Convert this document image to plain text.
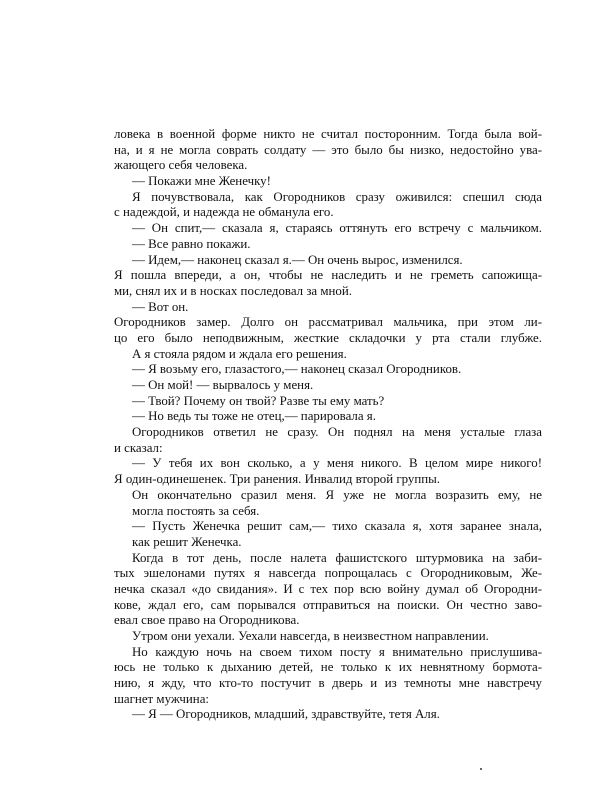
ловека в военной форме никто не считал посторонним. Тогда была вой-
на, и я не могла соврать солдату — это было бы низко, недостойно ува-
жающего себя человека.
— Покажи мне Женечку!
Я почувствовала, как Огородников сразу оживился: спешил сюда
с надеждой, и надежда не обманула его.
— Он спит,— сказала я, стараясь оттянуть его встречу с мальчиком.
— Все равно покажи.
— Идем,— наконец сказал я.— Он очень вырос, изменился.
Я пошла впереди, а он, чтобы не наследить и не греметь сапожища-
ми, снял их и в носках последовал за мной.
— Вот он.
Огородников замер. Долго он рассматривал мальчика, при этом ли-
цо его было неподвижным, жесткие складочки у рта стали глубже.
А я стояла рядом и ждала его решения.
— Я возьму его, глазастого,— наконец сказал Огородников.
— Он мой! — вырвалось у меня.
— Твой? Почему он твой? Разве ты ему мать?
— Но ведь ты тоже не отец,— парировала я.
Огородников ответил не сразу. Он поднял на меня усталые глаза
и сказал:
— У тебя их вон сколько, а у меня никого. В целом мире никого!
Я один-одинешенек. Три ранения. Инвалид второй группы.
Он окончательно сразил меня. Я уже не могла возразить ему, не
могла постоять за себя.
— Пусть Женечка решит сам,— тихо сказала я, хотя заранее знала,
как решит Женечка.
Когда в тот день, после налета фашистского штурмовика на заби-
тых эшелонами путях я навсегда попрощалась с Огородниковым, Же-
нечка сказал «до свидания». И с тех пор всю войну думал об Огородни-
кове, ждал его, сам порывался отправиться на поиски. Он честно заво-
евал свое право на Огородникова.
Утром они уехали. Уехали навсегда, в неизвестном направлении.
Но каждую ночь на своем тихом посту я внимательно прислушива-
юсь не только к дыханию детей, не только к их невнятному бормота-
нию, я жду, что кто-то постучит в дверь и из темноты мне навстречу
шагнет мужчина:
— Я — Огородников, младший, здравствуйте, тетя Аля.
